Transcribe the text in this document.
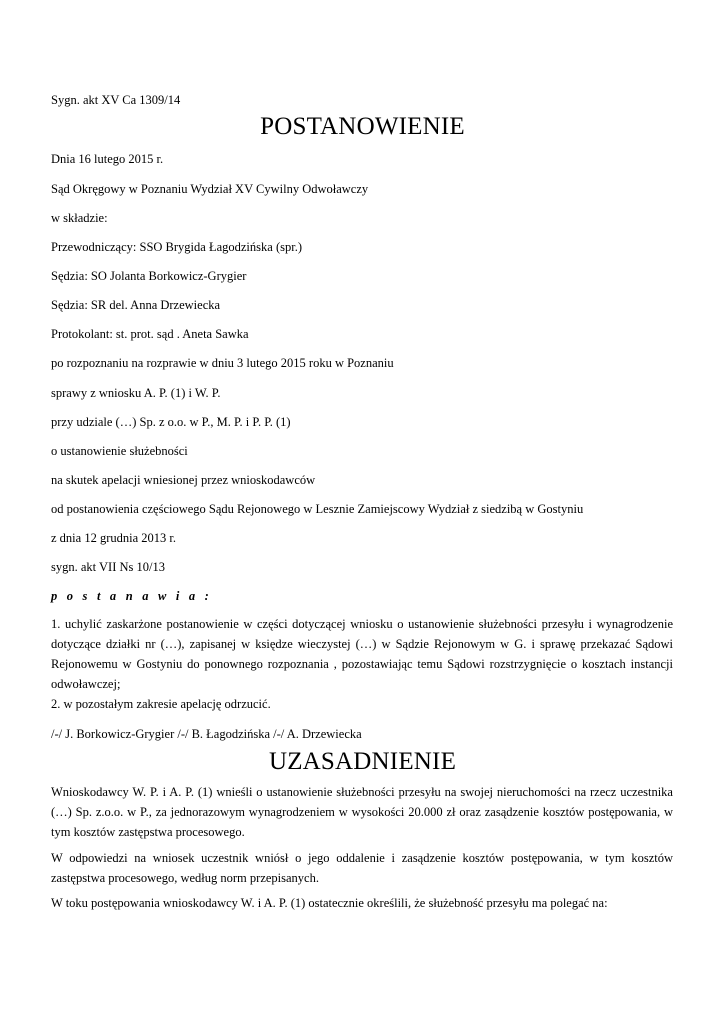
Sygn. akt XV Ca 1309/14
POSTANOWIENIE
Dnia 16 lutego 2015 r.
Sąd Okręgowy w Poznaniu Wydział XV Cywilny Odwoławczy
w składzie:
Przewodniczący: SSO Brygida Łagodzińska (spr.)
Sędzia: SO Jolanta Borkowicz-Grygier
Sędzia: SR del. Anna Drzewiecka
Protokolant: st. prot. sąd . Aneta Sawka
po rozpoznaniu na rozprawie w dniu 3 lutego 2015 roku w Poznaniu
sprawy z wniosku A. P. (1) i W. P.
przy udziale (…) Sp. z o.o. w P., M. P. i P. P. (1)
o ustanowienie służebności
na skutek apelacji wniesionej przez wnioskodawców
od postanowienia częściowego Sądu Rejonowego w Lesznie Zamiejscowy Wydział z siedzibą w Gostyniu
z dnia 12 grudnia 2013 r.
sygn. akt VII Ns 10/13
p o s t a n a w i a :
1. uchylić zaskarżone postanowienie w części dotyczącej wniosku o ustanowienie służebności przesyłu i wynagrodzenie dotyczące działki nr (…), zapisanej w księdze wieczystej (…) w Sądzie Rejonowym w G. i sprawę przekazać Sądowi Rejonowemu w Gostyniu do ponownego rozpoznania , pozostawiając temu Sądowi rozstrzygnięcie o kosztach instancji odwoławczej;
2. w pozostałym zakresie apelację odrzucić.
/-/ J. Borkowicz-Grygier /-/ B. Łagodzińska /-/ A. Drzewiecka
UZASADNIENIE
Wnioskodawcy W. P. i A. P. (1) wnieśli o ustanowienie służebności przesyłu na swojej nieruchomości na rzecz uczestnika (…) Sp. z.o.o. w P., za jednorazowym wynagrodzeniem w wysokości 20.000 zł oraz zasądzenie kosztów postępowania, w tym kosztów zastępstwa procesowego.
W odpowiedzi na wniosek uczestnik wniósł o jego oddalenie i zasądzenie kosztów postępowania, w tym kosztów zastępstwa procesowego, według norm przepisanych.
W toku postępowania wnioskodawcy W. i A. P. (1) ostatecznie określili, że służebność przesyłu ma polegać na:
